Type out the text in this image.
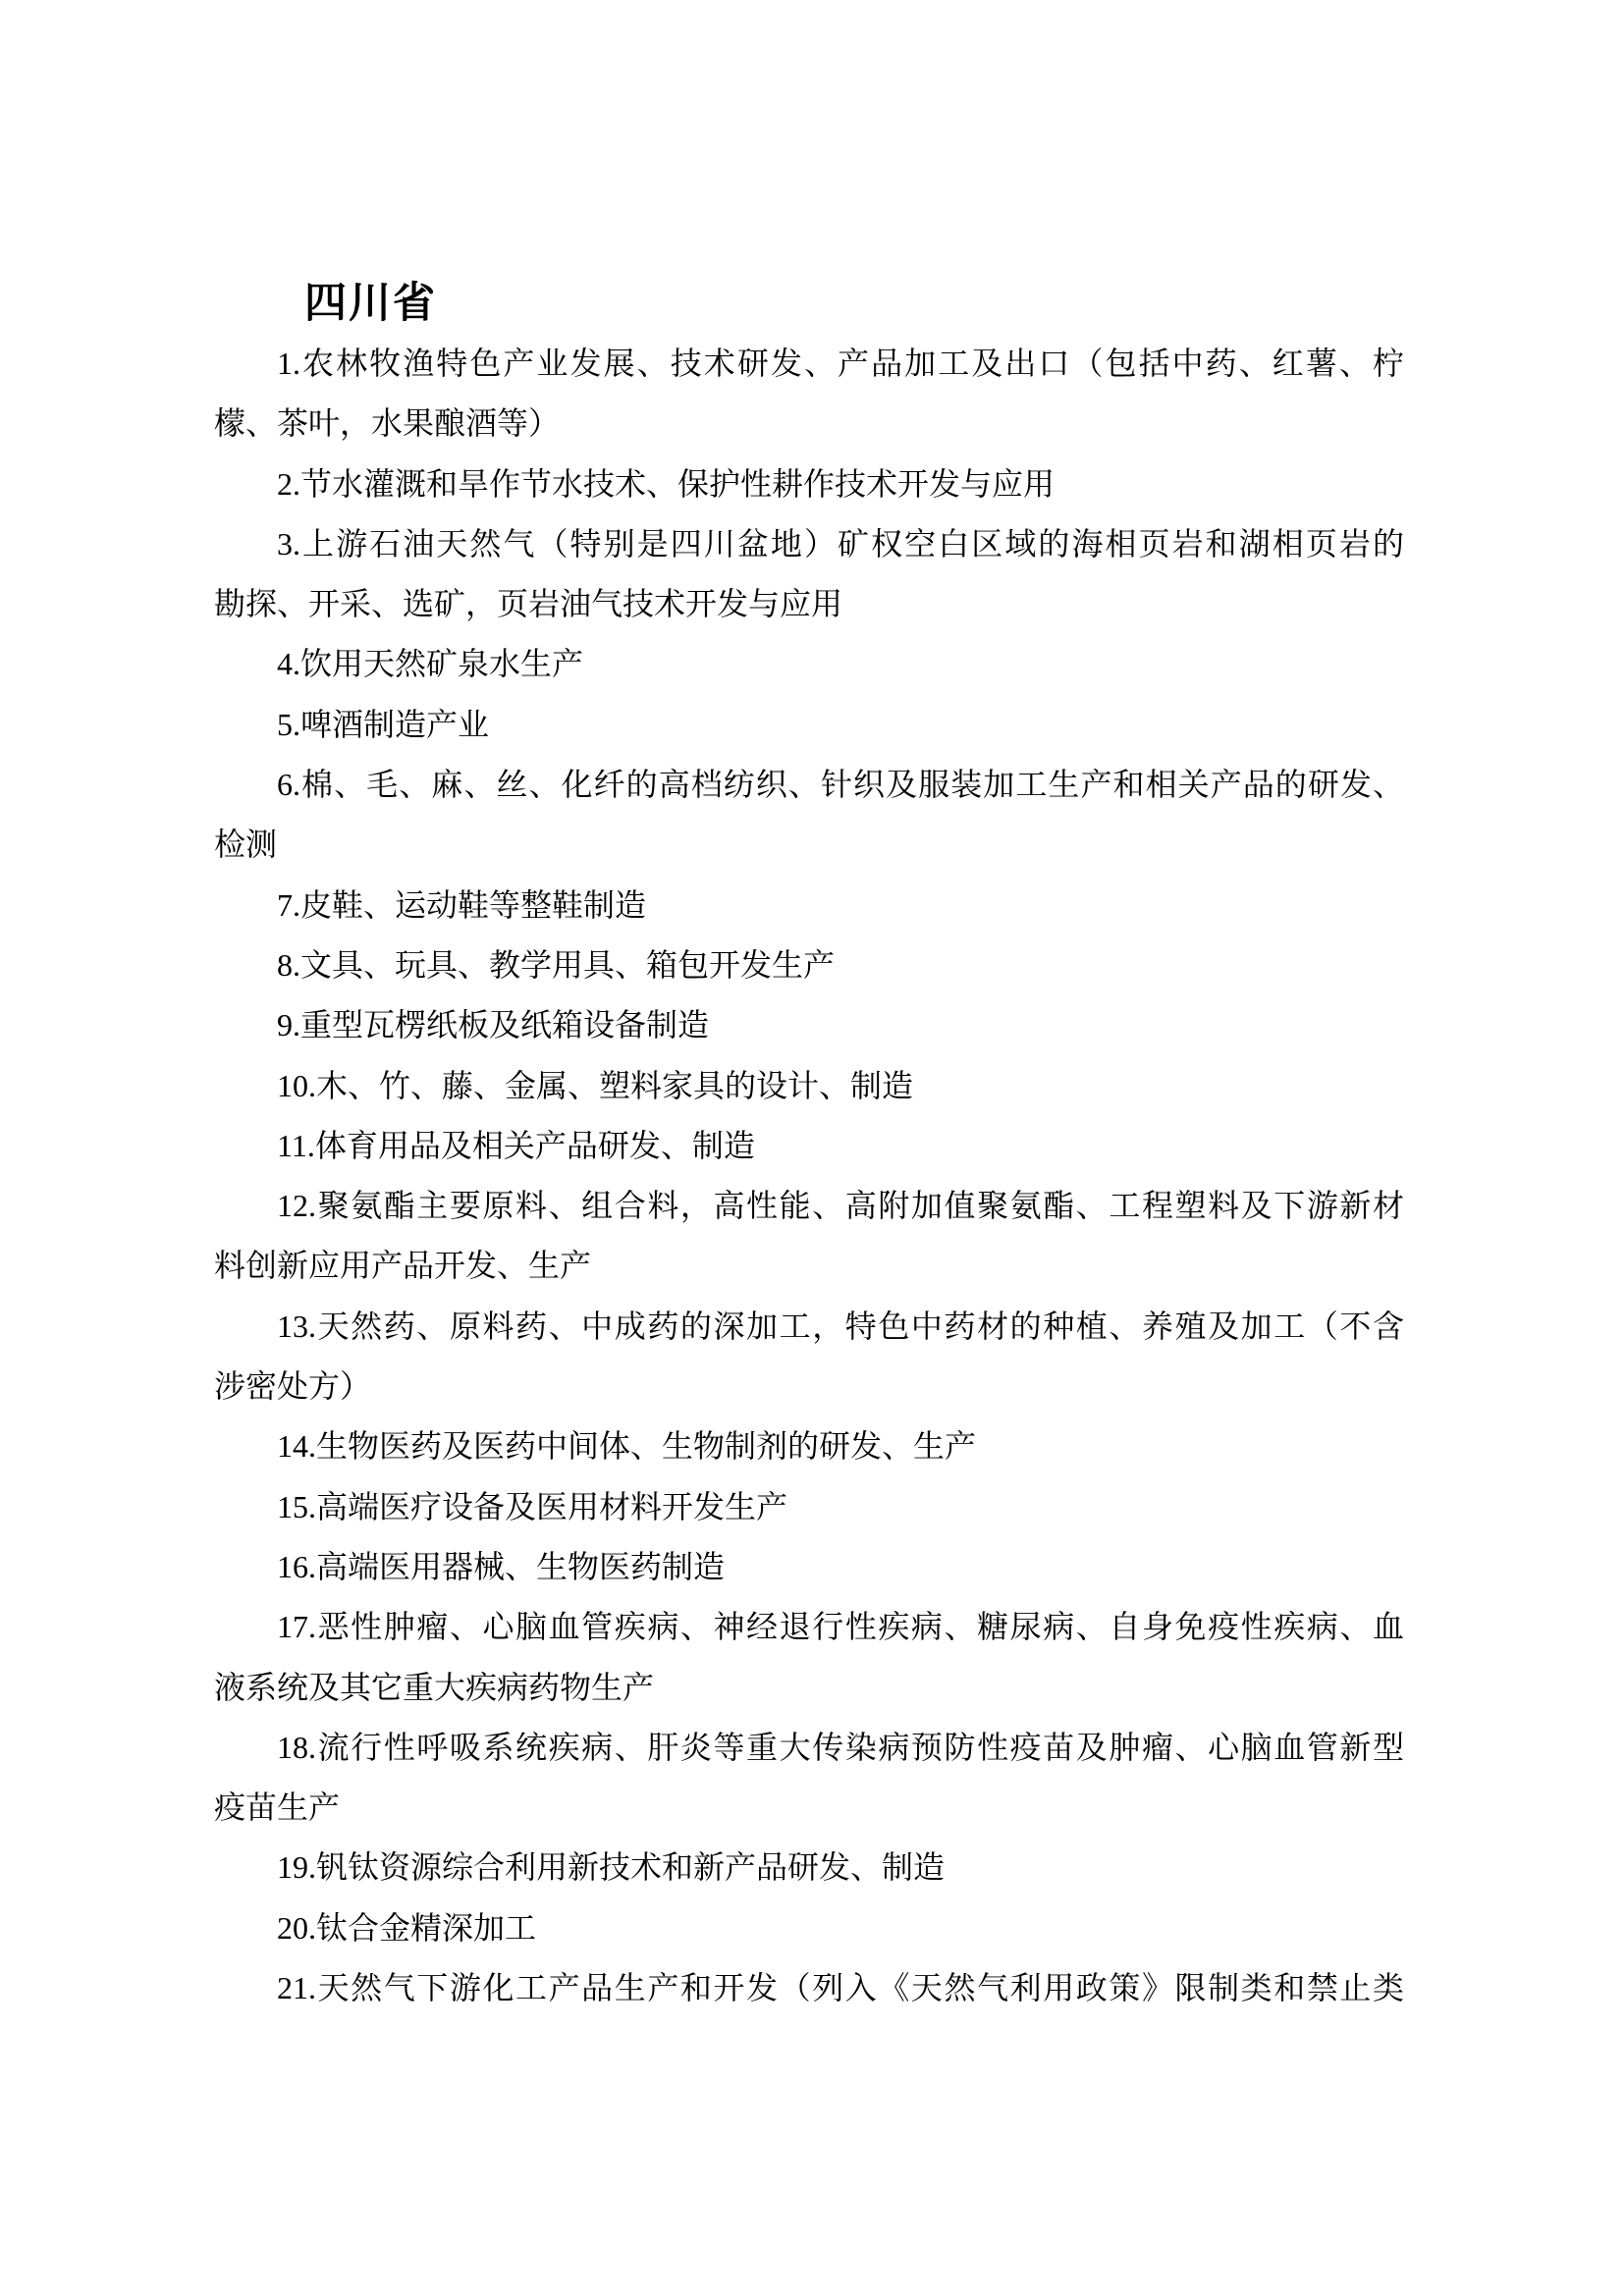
四川省
1.农林牧渔特色产业发展、技术研发、产品加工及出口（包括中药、红薯、柠
檬、茶叶，水果酿酒等）
2.节水灌溉和旱作节水技术、保护性耕作技术开发与应用
3.上游石油天然气（特别是四川盆地）矿权空白区域的海相页岩和湖相页岩的
勘探、开采、选矿，页岩油气技术开发与应用
4.饮用天然矿泉水生产
5.啤酒制造产业
6.棉、毛、麻、丝、化纤的高档纺织、针织及服装加工生产和相关产品的研发、
检测
7.皮鞋、运动鞋等整鞋制造
8.文具、玩具、教学用具、箱包开发生产
9.重型瓦楞纸板及纸箱设备制造
10.木、竹、藤、金属、塑料家具的设计、制造
11.体育用品及相关产品研发、制造
12.聚氨酯主要原料、组合料，高性能、高附加值聚氨酯、工程塑料及下游新材
料创新应用产品开发、生产
13.天然药、原料药、中成药的深加工，特色中药材的种植、养殖及加工（不含
涉密处方）
14.生物医药及医药中间体、生物制剂的研发、生产
15.高端医疗设备及医用材料开发生产
16.高端医用器械、生物医药制造
17.恶性肿瘤、心脑血管疾病、神经退行性疾病、糖尿病、自身免疫性疾病、血
液系统及其它重大疾病药物生产
18.流行性呼吸系统疾病、肝炎等重大传染病预防性疫苗及肿瘤、心脑血管新型
疫苗生产
19.钒钛资源综合利用新技术和新产品研发、制造
20.钛合金精深加工
21.天然气下游化工产品生产和开发（列入《天然气利用政策》限制类和禁止类
